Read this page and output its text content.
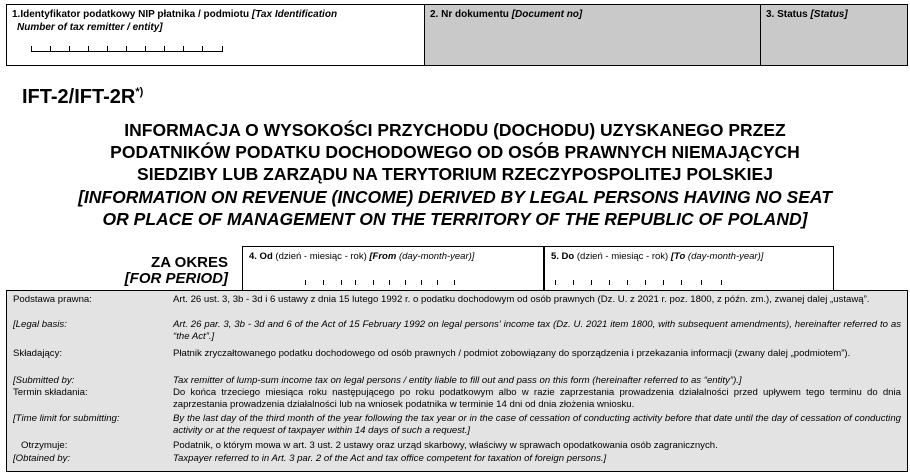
1.Identyfikator podatkowy NIP płatnika / podmiotu [Tax Identification
Number of tax remitter / entity]
2. Nr dokumentu [Document no]	3. Status [Status]
IFT-2/IFT-2R*)
INFORMACJA O WYSOKOŚCI PRZYCHODU (DOCHODU) UZYSKANEGO PRZEZ
PODATNIKÓW PODATKU DOCHODOWEGO OD OSÓB PRAWNYCH NIEMAJĄCYCH
SIEDZIBY LUB ZARZĄDU NA TERYTORIUM RZECZYPOSPOLITEJ POLSKIEJ
[INFORMATION ON REVENUE (INCOME) DERIVED BY LEGAL PERSONS HAVING NO SEAT
OR PLACE OF MANAGEMENT ON THE TERRITORY OF THE REPUBLIC OF POLAND]
ZA OKRES
[FOR PERIOD]
4. Od (dzień - miesiąc - rok) [From (day-month-year)]	5. Do (dzień - miesiąc - rok) [To (day-month-year)]
Podstawa prawna:	Art. 26 ust. 3, 3b - 3d i 6 ustawy z dnia 15 lutego 1992 r. o podatku dochodowym od osób prawnych (Dz. U. z 2021 r. poz. 1800, z późn. zm.), zwanej dalej „ustawą”.
[Legal basis:	Art. 26 par. 3, 3b - 3d and 6 of the Act of 15 February 1992 on legal persons' income tax (Dz. U. 2021 item 1800, with subsequent amendments), hereinafter referred to as “the Act”.]
Składający:	Płatnik zryczałtowanego podatku dochodowego od osób prawnych / podmiot zobowiązany do sporządzenia i przekazania informacji (zwany dalej „podmiotem”).
[Submitted by:	Tax remitter of lump-sum income tax on legal persons / entity liable to fill out and pass on this form (hereinafter referred to as “entity”).]
Termin składania:	Do końca trzeciego miesiąca roku następującego po roku podatkowym albo w razie zaprzestania prowadzenia działalności przed upływem tego terminu do dnia zaprzestania prowadzenia działalności lub na wniosek podatnika w terminie 14 dni od dnia złożenia wniosku.
[Time limit for submitting:	By the last day of the third month of the year following the tax year or in the case of cessation of conducting activity before that date until the day of cessation of conducting activity or at the request of taxpayer within 14 days of such a request.]
Otrzymuje:	Podatnik, o którym mowa w art. 3 ust. 2 ustawy oraz urząd skarbowy, właściwy w sprawach opodatkowania osób zagranicznych.
[Obtained by:	Taxpayer referred to in Art. 3 par. 2 of the Act and tax office competent for taxation of foreign persons.]
